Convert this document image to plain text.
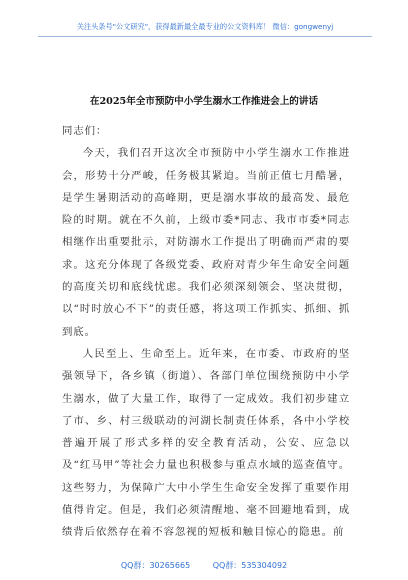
关注头条号"公文研究"，获得最新最全最专业的公文资料库！ 微信：gongwenyj
在2025年全市预防中小学生溺水工作推进会上的讲话

同志们：

今天，我们召开这次全市预防中小学生溺水工作推进会，形势十分严峻，任务极其紧迫。当前正值七月酷暑，是学生暑期活动的高峰期，更是溺水事故的最高发、最危险的时期。就在不久前，上级市委*同志、我市市委*同志相继作出重要批示，对防溺水工作提出了明确而严肃的要求。这充分体现了各级党委、政府对青少年生命安全问题的高度关切和底线忧虑。我们必须深刻领会、坚决贯彻，以“时时放心不下”的责任感，将这项工作抓实、抓细、抓到底。

人民至上、生命至上。近年来，在市委、市政府的坚强领导下，各乡镇（街道）、各部门单位围绕预防中小学生溺水，做了大量工作，取得了一定成效。我们初步建立了市、乡、村三级联动的河湖长制责任体系，各中小学校普遍开展了形式多样的安全教育活动，公安、应急以及“红马甲”等社会力量也积极参与重点水域的巡查值守。这些努力，为保障广大中小学生生命安全发挥了重要作用值得肯定。但是，我们必须清醒地、毫不回避地看到，成绩背后依然存在着不容忽视的短板和触目惊心的隐患。前

QQ群：30265665	QQ群：535304092
